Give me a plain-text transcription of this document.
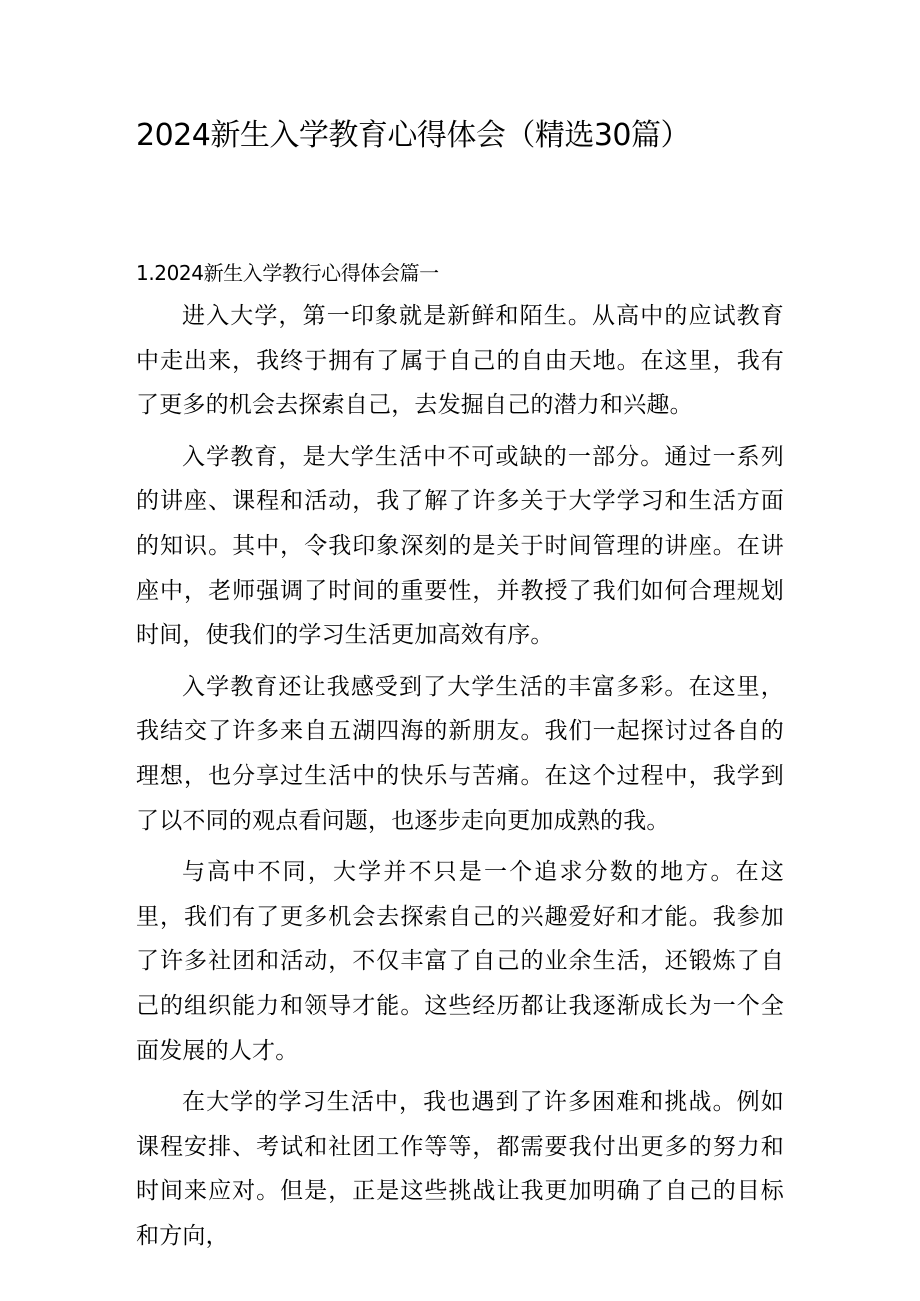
2024新生入学教育心得体会（精选30篇）
1.2024新生入学教行心得体会篇一

进入大学，第一印象就是新鲜和陌生。从高中的应试教育中走出来，我终于拥有了属于自己的自由天地。在这里，我有了更多的机会去探索自己，去发掘自己的潜力和兴趣。

入学教育，是大学生活中不可或缺的一部分。通过一系列的讲座、课程和活动，我了解了许多关于大学学习和生活方面的知识。其中，令我印象深刻的是关于时间管理的讲座。在讲座中，老师强调了时间的重要性，并教授了我们如何合理规划时间，使我们的学习生活更加高效有序。

入学教育还让我感受到了大学生活的丰富多彩。在这里，我结交了许多来自五湖四海的新朋友。我们一起探讨过各自的理想，也分享过生活中的快乐与苦痛。在这个过程中，我学到了以不同的观点看问题，也逐步走向更加成熟的我。

与高中不同，大学并不只是一个追求分数的地方。在这里，我们有了更多机会去探索自己的兴趣爱好和才能。我参加了许多社团和活动，不仅丰富了自己的业余生活，还锻炼了自己的组织能力和领导才能。这些经历都让我逐渐成长为一个全面发展的人才。

在大学的学习生活中，我也遇到了许多困难和挑战。例如课程安排、考试和社团工作等等，都需要我付出更多的努力和时间来应对。但是，正是这些挑战让我更加明确了自己的目标和方向，
